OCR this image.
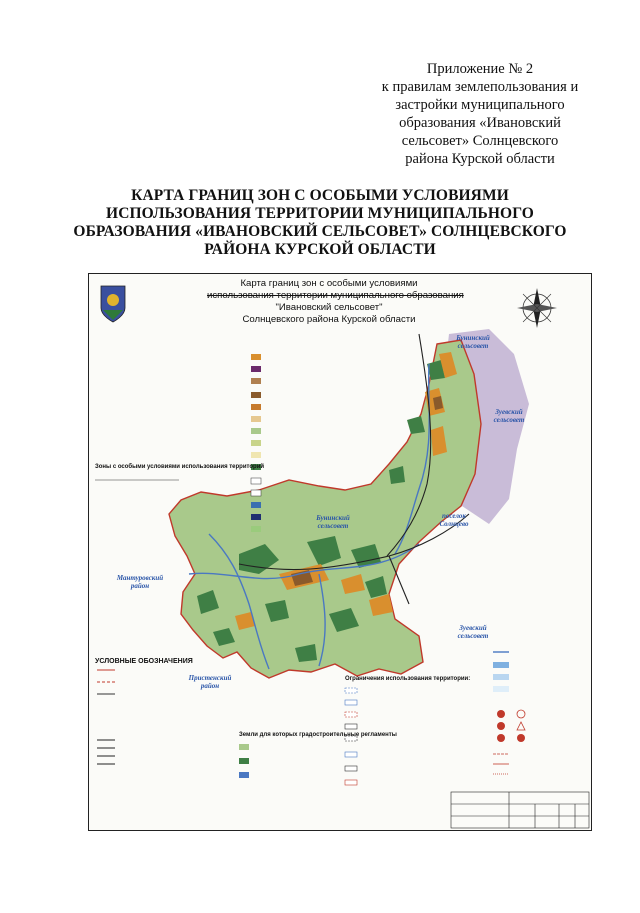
Приложение № 2
к правилам землепользования и
застройки муниципального
образования «Ивановский
сельсовет» Солнцевского
района Курской области
КАРТА ГРАНИЦ ЗОН С ОСОБЫМИ УСЛОВИЯМИ
ИСПОЛЬЗОВАНИЯ ТЕРРИТОРИИ МУНИЦИПАЛЬНОГО
ОБРАЗОВАНИЯ «ИВАНОВСКИЙ СЕЛЬСОВЕТ» СОЛНЦЕВСКОГО
РАЙОНА КУРСКОЙ ОБЛАСТИ
Карта границ зон с особыми условиями
использования территории муниципального образования
"Ивановский сельсовет"
Солнцевского района Курской области
Бунинский сельсовет
Зуевский сельсовет
Бунинский сельсовет
поселок Солнцево
Мантуровский район
Пристенский район
Зуевский сельсовет
Зоны с особыми условиями использования территорий
УСЛОВНЫЕ ОБОЗНАЧЕНИЯ
Ограничения использования территории:
Земли для которых градостроительные регламенты
